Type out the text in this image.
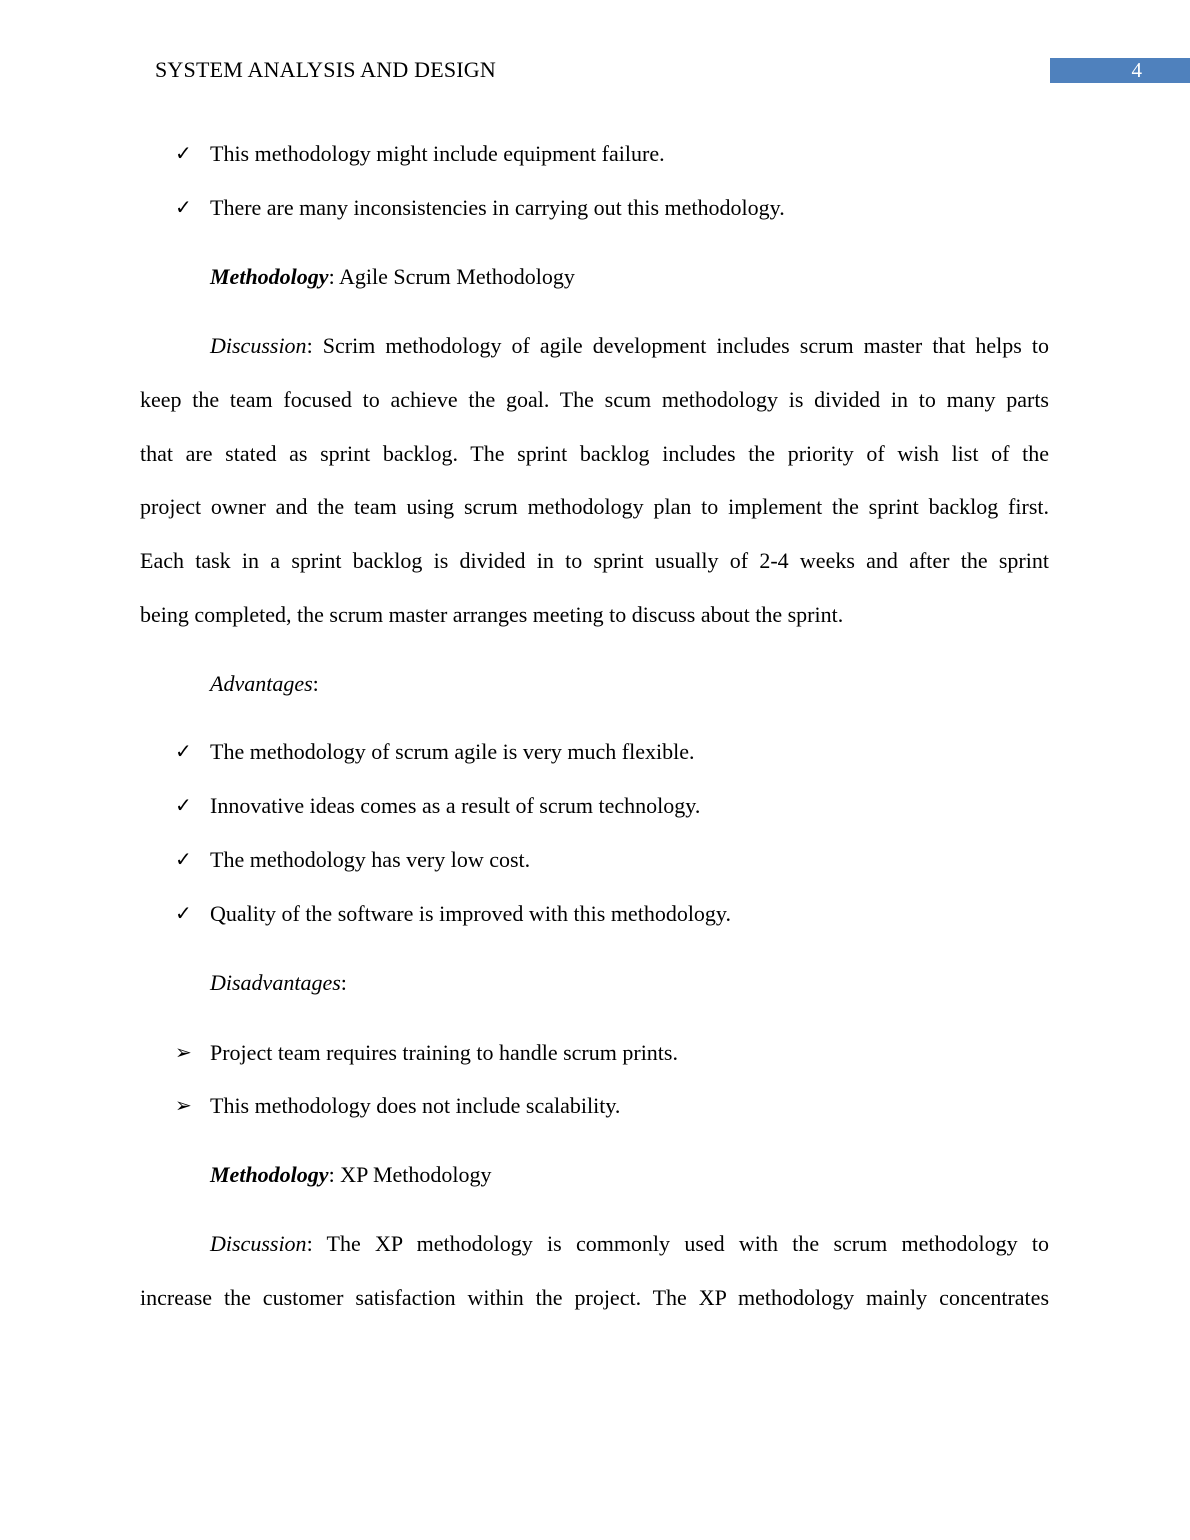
SYSTEM ANALYSIS AND DESIGN	4
✓ This methodology might include equipment failure.
✓ There are many inconsistencies in carrying out this methodology.
Methodology: Agile Scrum Methodology
Discussion: Scrim methodology of agile development includes scrum master that helps to
keep the team focused to achieve the goal. The scum methodology is divided in to many parts
that are stated as sprint backlog. The sprint backlog includes the priority of wish list of the
project owner and the team using scrum methodology plan to implement the sprint backlog first.
Each task in a sprint backlog is divided in to sprint usually of 2-4 weeks and after the sprint
being completed, the scrum master arranges meeting to discuss about the sprint.
Advantages:
✓ The methodology of scrum agile is very much flexible.
✓ Innovative ideas comes as a result of scrum technology.
✓ The methodology has very low cost.
✓ Quality of the software is improved with this methodology.
Disadvantages:
➢ Project team requires training to handle scrum prints.
➢ This methodology does not include scalability.
Methodology: XP Methodology
Discussion: The XP methodology is commonly used with the scrum methodology to
increase the customer satisfaction within the project. The XP methodology mainly concentrates
